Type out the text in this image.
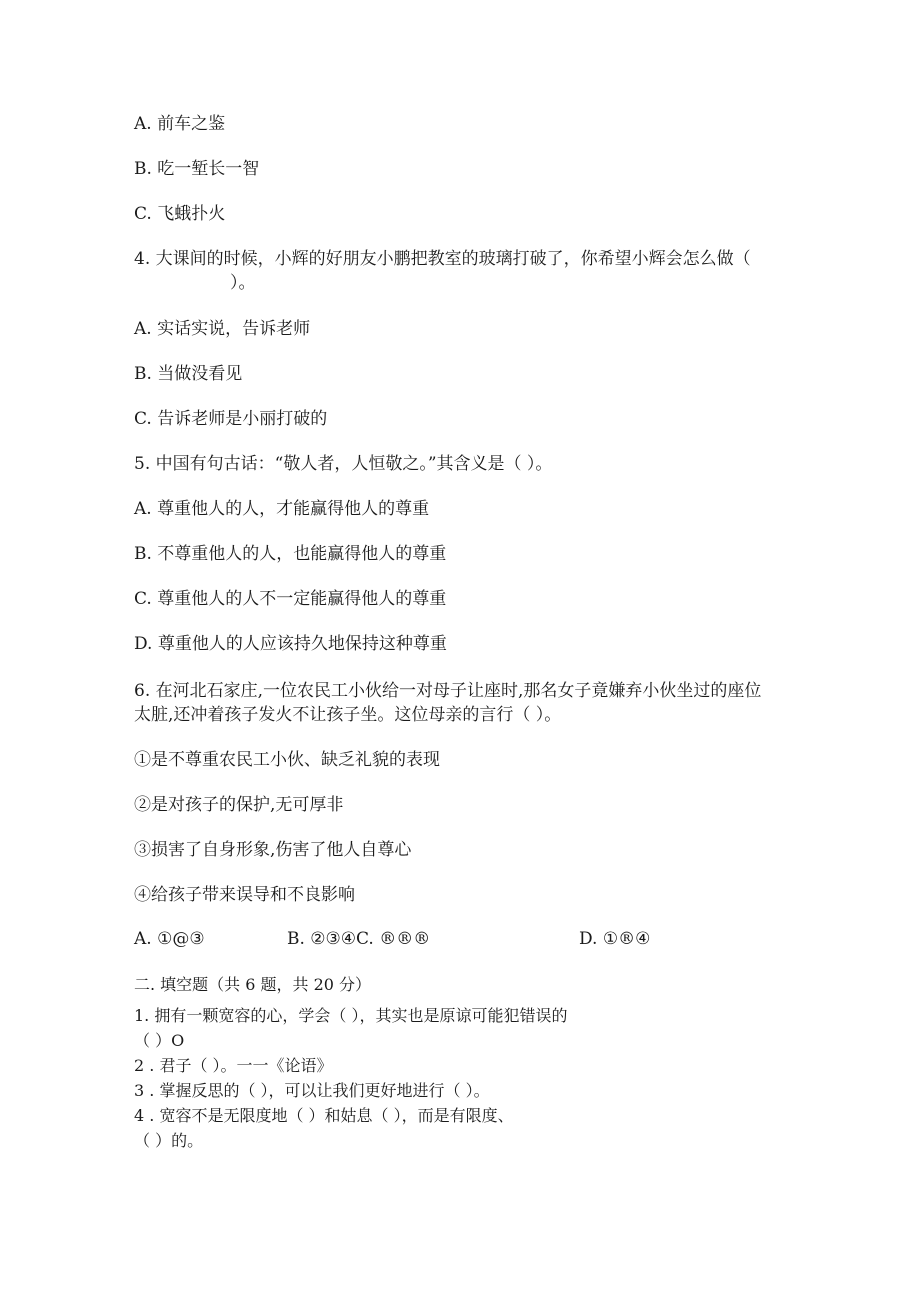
A. 前车之鉴
B. 吃一堑长一智
C. 飞蛾扑火
4. 大课间的时候，小辉的好朋友小鹏把教室的玻璃打破了，你希望小辉会怎么做（
）。
A. 实话实说，告诉老师
B. 当做没看见
C. 告诉老师是小丽打破的
5. 中国有句古话：“敬人者，人恒敬之。”其含义是（ ）。
A. 尊重他人的人，才能赢得他人的尊重
B. 不尊重他人的人，也能赢得他人的尊重
C. 尊重他人的人不一定能赢得他人的尊重
D. 尊重他人的人应该持久地保持这种尊重
6. 在河北石家庄,一位农民工小伙给一对母子让座时,那名女子竟嫌弃小伙坐过的座位
太脏,还冲着孩子发火不让孩子坐。这位母亲的言行（ ）。
①是不尊重农民工小伙、缺乏礼貌的表现
②是对孩子的保护,无可厚非
③损害了自身形象,伤害了他人自尊心
④给孩子带来误导和不良影响
A. ①@③	B. ②③④C. ®®®	D. ①®④
二. 填空题（共 6 题，共 20 分）
1. 拥有一颗宽容的心，学会（ ），其实也是原谅可能犯错误的
（ ）O
2 . 君子（ ）。一一《论语》
3 . 掌握反思的（ ），可以让我们更好地进行（ ）。
4 . 宽容不是无限度地（ ）和姑息（ ），而是有限度、
（ ）的。
